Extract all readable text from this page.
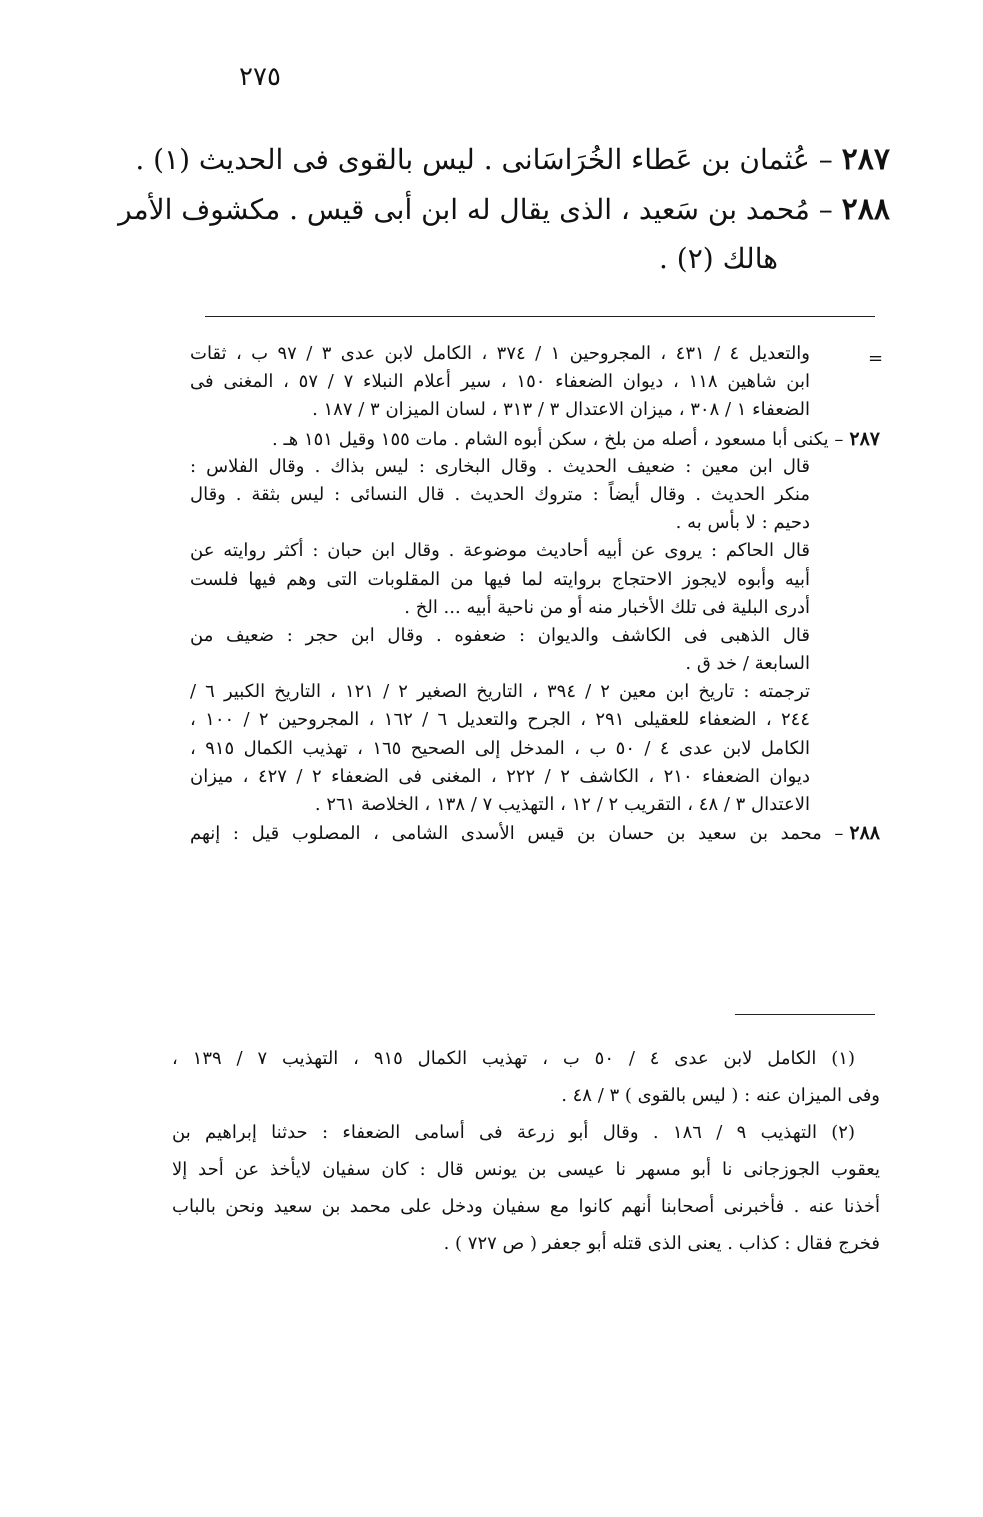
٢٧٥
٢٨٧ – عُثمان بن عَطاء الخُرَاسَانى . ليس بالقوى فى الحديث (١) .
٢٨٨ – مُحمد بن سَعيد ، الذى يقال له ابن أبى قيس . مكشوف الأمر
هالك (٢) .
=
والتعديل ٤ / ٤٣١ ، المجروحين ١ / ٣٧٤ ، الكامل لابن عدى ٣ / ٩٧ ب ، ثقات
ابن شاهين ١١٨ ، ديوان الضعفاء ١٥٠ ، سير أعلام النبلاء ٧ / ٥٧ ، المغنى فى
الضعفاء ١ / ٣٠٨ ، ميزان الاعتدال ٣ / ٣١٣ ، لسان الميزان ٣ / ١٨٧ .
٢٨٧– يكنى أبا مسعود ، أصله من بلخ ، سكن أبوه الشام . مات ١٥٥ وقيل ١٥١ هـ .
قال ابن معين : ضعيف الحديث . وقال البخارى : ليس بذاك . وقال الفلاس :
منكر الحديث . وقال أيضاً : متروك الحديث . قال النسائى : ليس بثقة . وقال
دحيم : لا بأس به .
قال الحاكم : يروى عن أبيه أحاديث موضوعة . وقال ابن حبان : أكثر روايته عن
أبيه وأبوه لايجوز الاحتجاج بروايته لما فيها من المقلوبات التى وهم فيها فلست
أدرى البلية فى تلك الأخبار منه أو من ناحية أبيه ... الخ .
قال الذهبى فى الكاشف والديوان : ضعفوه . وقال ابن حجر : ضعيف من
السابعة / خد ق .
ترجمته : تاريخ ابن معين ٢ / ٣٩٤ ، التاريخ الصغير ٢ / ١٢١ ، التاريخ الكبير ٦ /
٢٤٤ ، الضعفاء للعقيلى ٢٩١ ، الجرح والتعديل ٦ / ١٦٢ ، المجروحين ٢ / ١٠٠ ،
الكامل لابن عدى ٤ / ٥٠ ب ، المدخل إلى الصحيح ١٦٥ ، تهذيب الكمال ٩١٥ ،
ديوان الضعفاء ٢١٠ ، الكاشف ٢ / ٢٢٢ ، المغنى فى الضعفاء ٢ / ٤٢٧ ، ميزان
الاعتدال ٣ / ٤٨ ، التقريب ٢ / ١٢ ، التهذيب ٧ / ١٣٨ ، الخلاصة ٢٦١ .
٢٨٨– محمد بن سعيد بن حسان بن قيس الأسدى الشامى ، المصلوب قيل : إنهم
(١) الكامل لابن عدى ٤ / ٥٠ ب ، تهذيب الكمال ٩١٥ ، التهذيب ٧ / ١٣٩ ،
وفى الميزان عنه : ( ليس بالقوى ) ٣ / ٤٨ .
(٢) التهذيب ٩ / ١٨٦ . وقال أبو زرعة فى أسامى الضعفاء : حدثنا إبراهيم بن
يعقوب الجوزجانى نا أبو مسهر نا عيسى بن يونس قال : كان سفيان لايأخذ عن أحد إلا
أخذنا عنه . فأخبرنى أصحابنا أنهم كانوا مع سفيان ودخل على محمد بن سعيد ونحن بالباب
فخرج فقال : كذاب . يعنى الذى قتله أبو جعفر ( ص ٧٢٧ ) .
